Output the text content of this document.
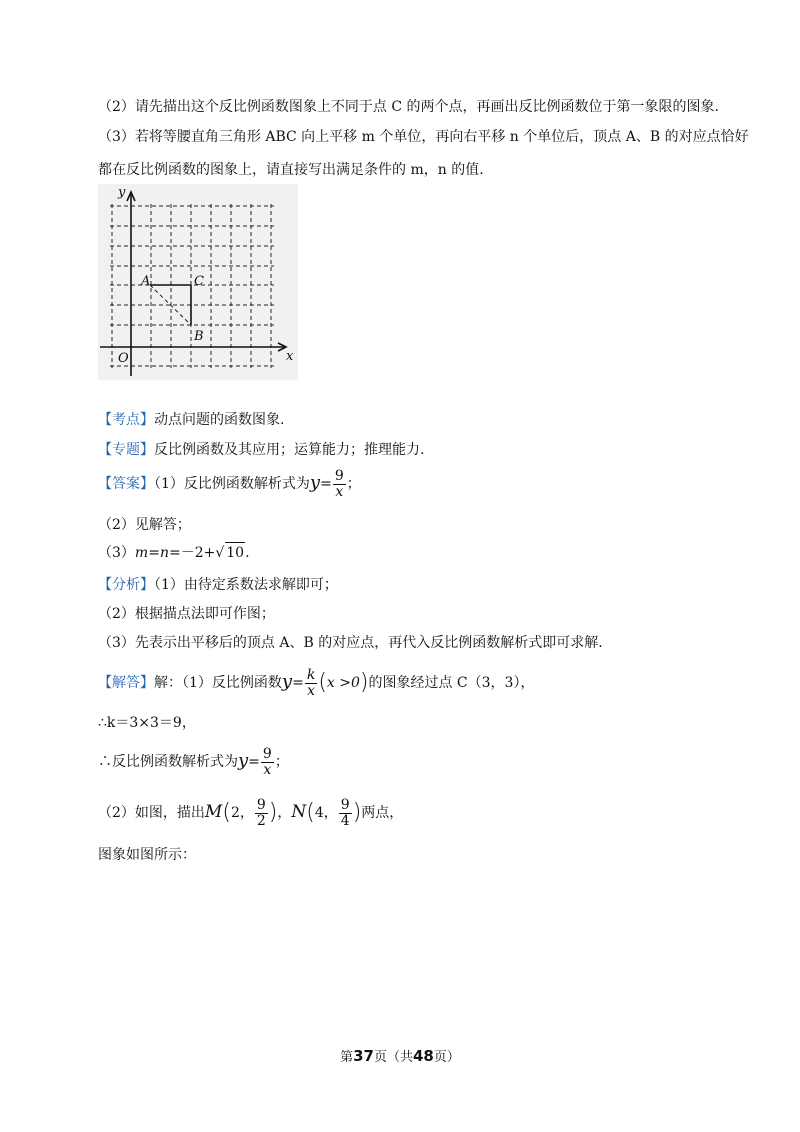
（2）请先描出这个反比例函数图象上不同于点 C 的两个点，再画出反比例函数位于第一象限的图象.
（3）若将等腰直角三角形 ABC 向上平移 m 个单位，再向右平移 n 个单位后，顶点 A、B 的对应点恰好
都在反比例函数的图象上，请直接写出满足条件的 m，n 的值.
y
x
O
A	C
B
【考点】动点问题的函数图象.
【专题】反比例函数及其应用；运算能力；推理能力.
【答案】（1）反比例函数解析式为$y= \frac{9}{x}$ ；
（2）见解答；
（3）m=n=－2+√ 10.
【分析】（1）由待定系数法求解即可；
（2）根据描点法即可作图；
（3）先表示出平移后的顶点 A、B 的对应点，再代入反比例函数解析式即可求解.
【解答】解：（1）反比例函数$y= \frac{k}{x} (x >0)$的图象经过点 C（3，3），
∴k＝3×3＝9，
∴反比例函数解析式为$y= \frac{9}{x}$ ；
（2）如图，描出M(2， $\frac{9}{2}$ )，N(4， $\frac{9}{4}$ )两点，
图象如图所示：
第37页（共48页）
